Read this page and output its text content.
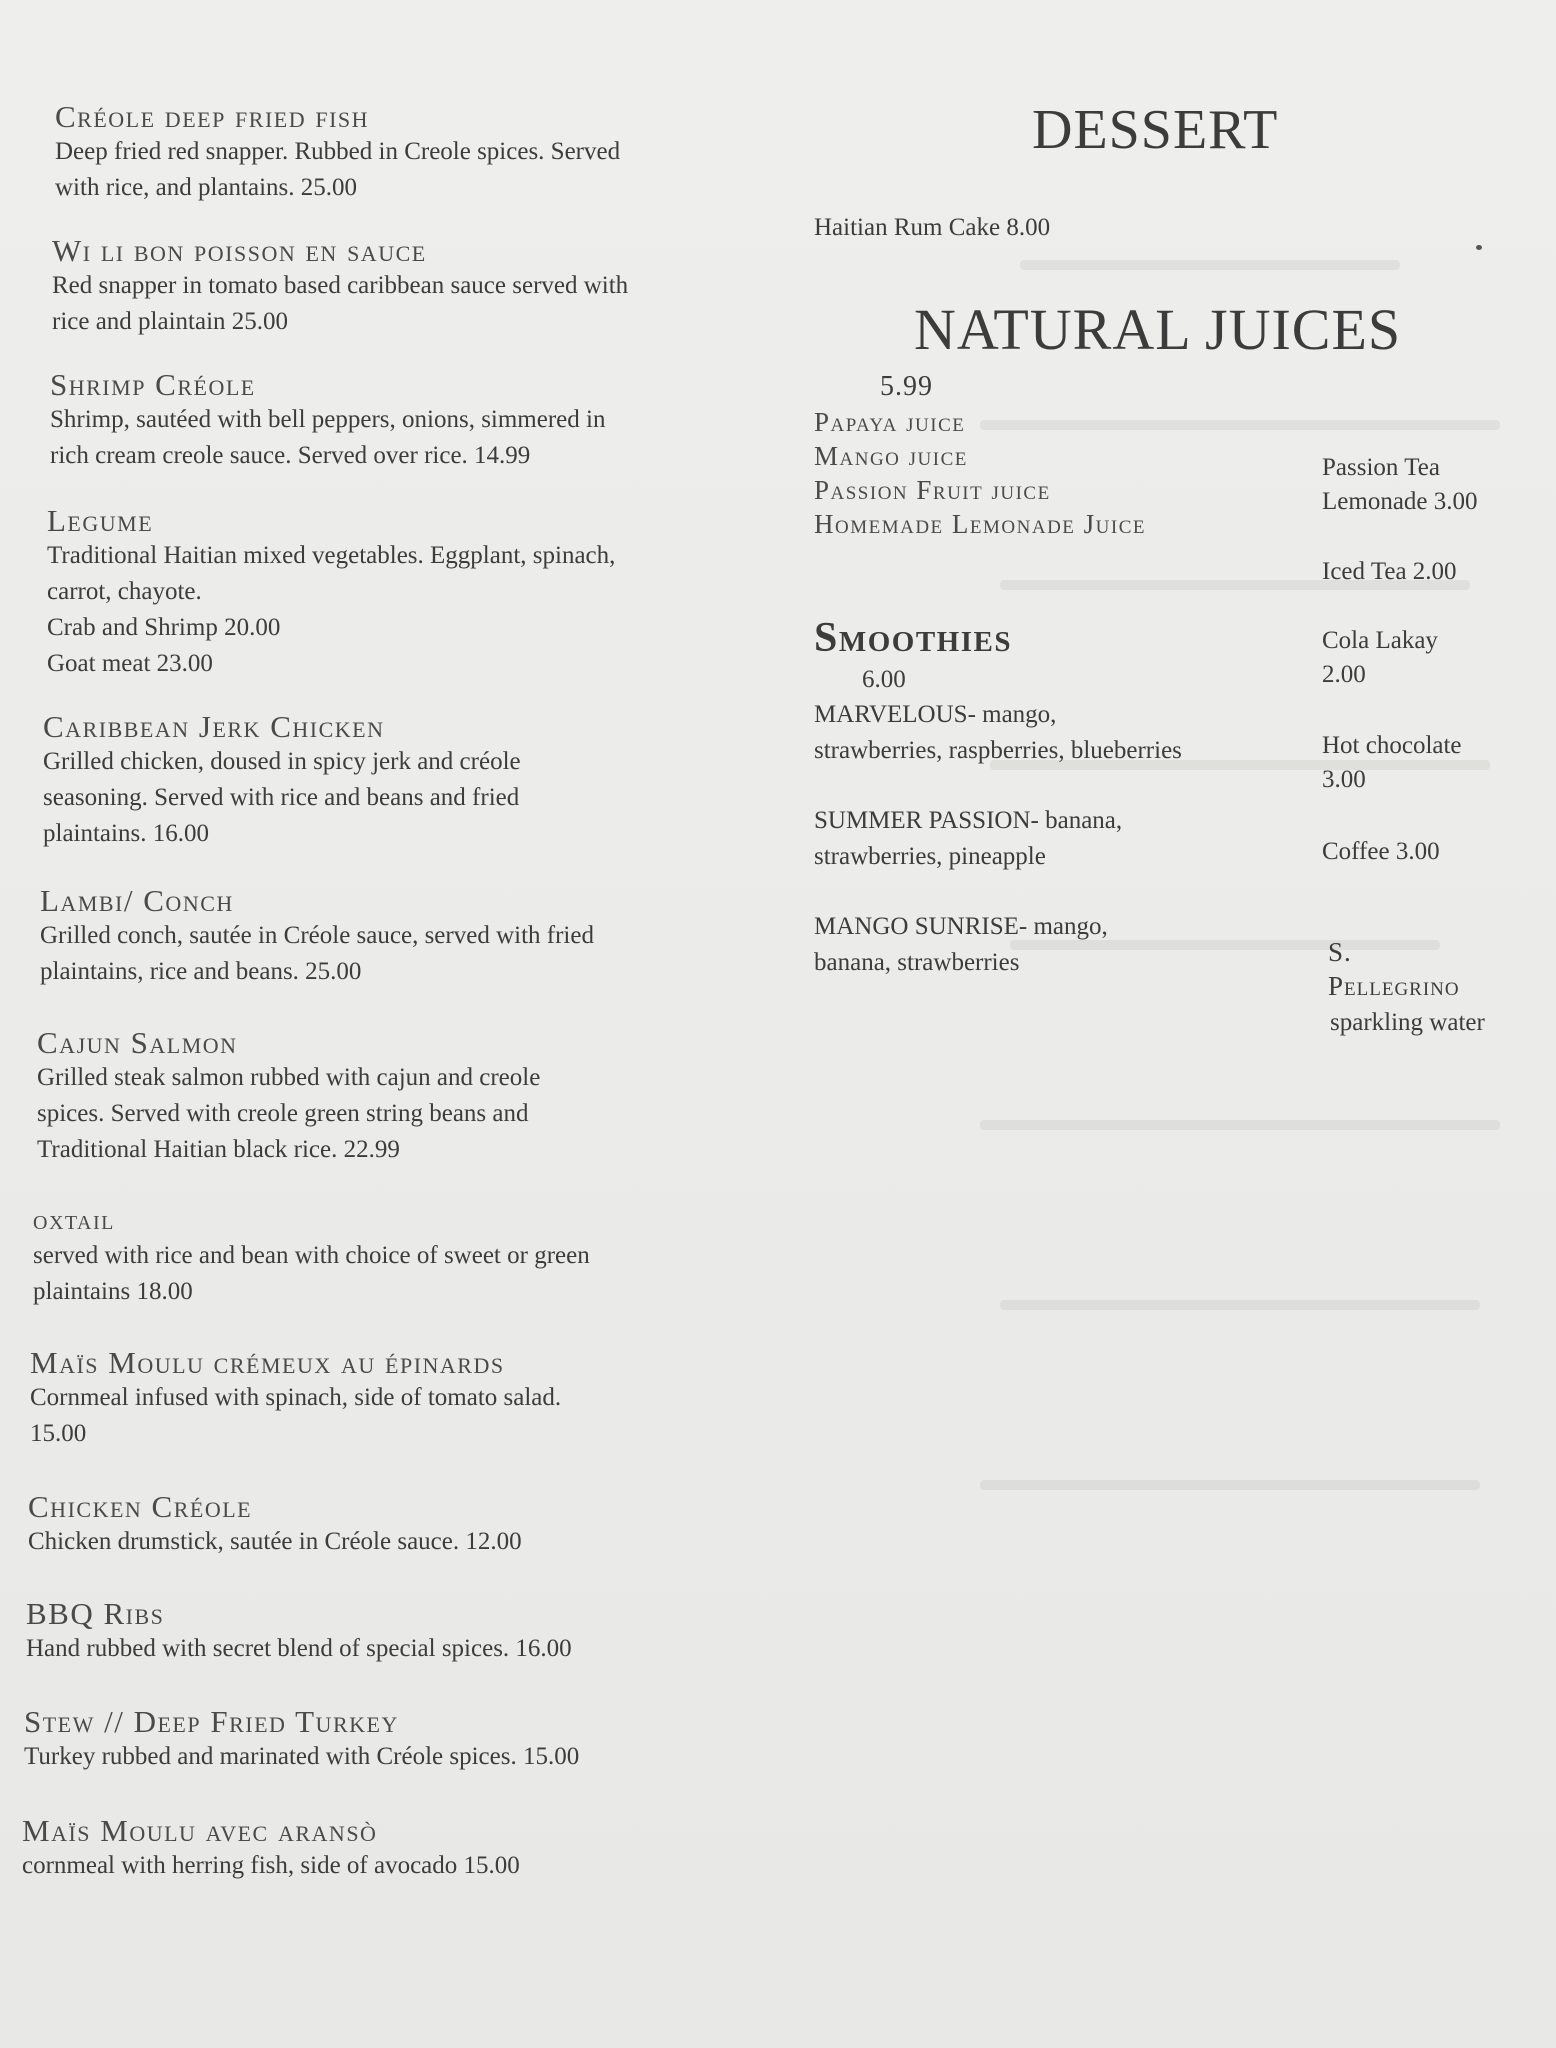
Créole deep fried fish

Deep fried red snapper. Rubbed in Creole spices. Served
with rice, and plantains. 25.00

Wi li bon poisson en sauce

Red snapper in tomato based caribbean sauce served with
rice and plaintain 25.00

Shrimp Créole

Shrimp, sautéed with bell peppers, onions, simmered in
rich cream creole sauce. Served over rice. 14.99

Legume

Traditional Haitian mixed vegetables. Eggplant, spinach,
carrot, chayote.
Crab and Shrimp 20.00
Goat meat 23.00

Caribbean Jerk Chicken

Grilled chicken, doused in spicy jerk and créole
seasoning. Served with rice and beans and fried
plaintains. 16.00

Lambi/ Conch

Grilled conch, sautée in Créole sauce, served with fried
plaintains, rice and beans. 25.00

Cajun Salmon

Grilled steak salmon rubbed with cajun and creole
spices. Served with creole green string beans and
Traditional Haitian black rice. 22.99

oxtail

served with rice and bean with choice of sweet or green
plaintains 18.00

Maïs Moulu crémeux au épinards

Cornmeal infused with spinach, side of tomato salad.
15.00

Chicken Créole

Chicken drumstick, sautée in Créole sauce. 12.00

BBQ Ribs

Hand rubbed with secret blend of special spices. 16.00

Stew // Deep Fried Turkey

Turkey rubbed and marinated with Créole spices. 15.00

Maïs Moulu avec aransò

cornmeal with herring fish, side of avocado 15.00

DESSERT

Haitian Rum Cake 8.00

NATURAL JUICES

5.99

Papaya juice
Mango juice
Passion Fruit juice
Homemade Lemonade Juice
Smoothies

6.00

MARVELOUS- mango,
strawberries, raspberries, blueberries

SUMMER PASSION- banana,
strawberries, pineapple

MANGO SUNRISE- mango,
banana, strawberries

Passion Tea
Lemonade 3.00

Iced Tea 2.00

Cola Lakay
2.00

Hot chocolate
3.00

Coffee 3.00

S.
Pellegrino

sparkling water
